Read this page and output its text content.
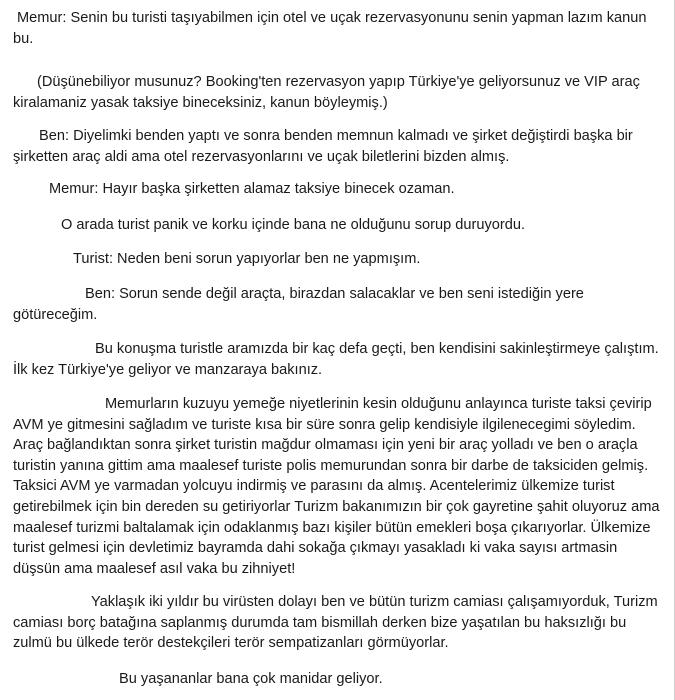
Memur: Senin bu turisti taşıyabilmen için otel ve uçak rezervasyonunu senin yapman lazım kanun bu.

(Düşünebiliyor musunuz? Booking'ten rezervasyon yapıp Türkiye'ye geliyorsunuz ve VIP araç kiralamaniz yasak taksiye bineceksiniz, kanun böyleymiş.)

Ben: Diyelimki benden yaptı ve sonra benden memnun kalmadı ve şirket değiştirdi başka bir şirketten araç aldi ama otel rezervasyonlarını ve uçak biletlerini bizden almış.

Memur: Hayır başka şirketten alamaz taksiye binecek ozaman.

O arada turist panik ve korku içinde bana ne olduğunu sorup duruyordu.

Turist: Neden beni sorun yapıyorlar ben ne yapmışım.

Ben: Sorun sende değil araçta, birazdan salacaklar ve ben seni istediğin yere götüreceğim.

Bu konuşma turistle aramızda bir kaç defa geçti, ben kendisini sakinleştirmeye çalıştım. İlk kez Türkiye'ye geliyor ve manzaraya bakınız.

Memurların kuzuyu yemeğe niyetlerinin kesin olduğunu anlayınca turiste taksi çevirip AVM ye gitmesini sağladım ve turiste kısa bir süre sonra gelip kendisiyle ilgilenecegimi söyledim. Araç bağlandıktan sonra şirket turistin mağdur olmaması için yeni bir araç yolladı ve ben o araçla turistin yanına gittim ama maalesef turiste polis memurundan sonra bir darbe de taksiciden gelmiş. Taksici AVM ye varmadan yolcuyu indirmiş ve parasını da almış. Acentelerimiz ülkemize turist getirebilmek için bin dereden su getiriyorlar Turizm bakanımızın bir çok gayretine şahit oluyoruz ama maalesef turizmi baltalamak için odaklanmış bazı kişiler bütün emekleri boşa çıkarıyorlar. Ülkemize turist gelmesi için devletimiz bayramda dahi sokağa çıkmayı yasakladı ki vaka sayısı artmasin düşsün ama maalesef asıl vaka bu zihniyet!

Yaklaşık iki yıldır bu virüsten dolayı ben ve bütün turizm camiası çalışamıyorduk, Turizm camiası borç batağına saplanmış durumda tam bismillah derken bize yaşatılan bu haksızlığı bu zulmü bu ülkede terör destekçileri terör sempatizanları görmüyorlar.

Bu yaşananlar bana çok manidar geliyor.
